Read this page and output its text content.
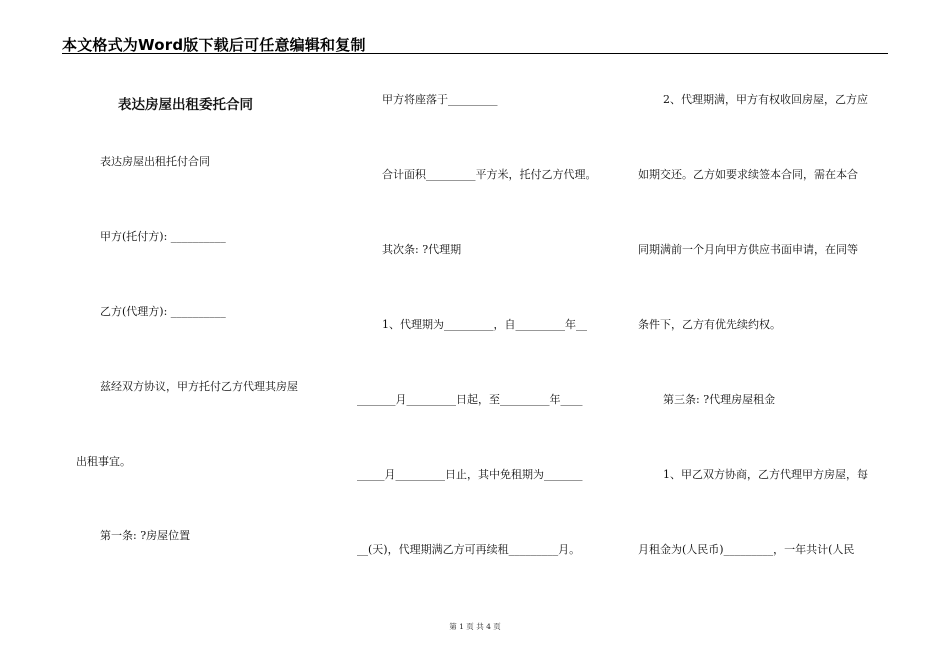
本文格式为Word版下载后可任意编辑和复制
表达房屋出租委托合同
表达房屋出租托付合同
甲方(托付方): __________
乙方(代理方): __________
兹经双方协议，甲方托付乙方代理其房屋
出租事宜。
第一条: ?房屋位置
甲方将座落于_________
合计面积_________平方米，托付乙方代理。
其次条: ?代理期
1、代理期为_________，自_________年__
_______月_________日起，至_________年____
_____月_________日止，其中免租期为_______
__(天)，代理期满乙方可再续租_________月。
2、代理期满，甲方有权收回房屋，乙方应
如期交还。乙方如要求续签本合同，需在本合
同期满前一个月向甲方供应书面申请，在同等
条件下，乙方有优先续约权。
第三条: ?代理房屋租金
1、甲乙双方协商，乙方代理甲方房屋，每
月租金为(人民币)_________，一年共计(人民
第 1 页 共 4 页
